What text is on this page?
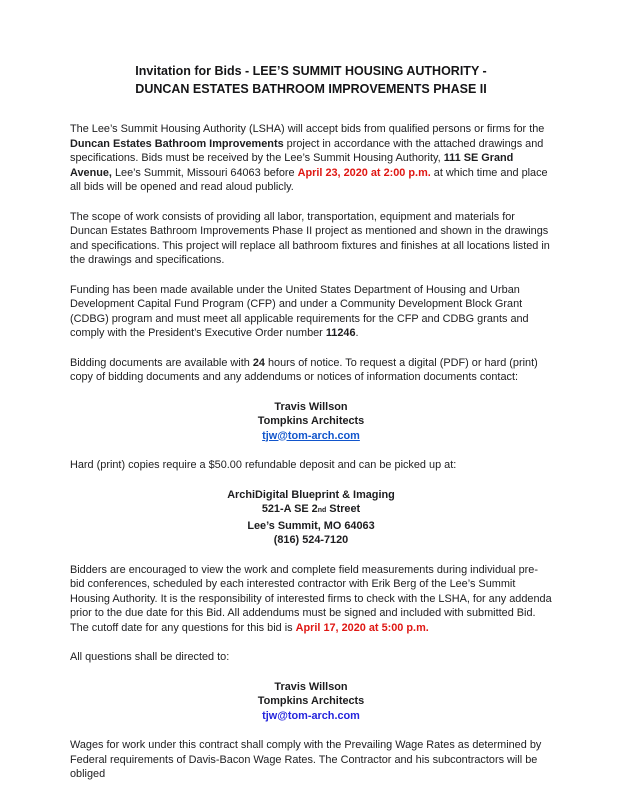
Invitation for Bids - LEE’S SUMMIT HOUSING AUTHORITY -
DUNCAN ESTATES BATHROOM IMPROVEMENTS PHASE II

The Lee’s Summit Housing Authority (LSHA) will accept bids from qualified persons or firms for the Duncan Estates Bathroom Improvements project in accordance with the attached drawings and specifications. Bids must be received by the Lee’s Summit Housing Authority, 111 SE Grand Avenue, Lee’s Summit, Missouri 64063 before April 23, 2020 at 2:00 p.m. at which time and place all bids will be opened and read aloud publicly.

The scope of work consists of providing all labor, transportation, equipment and materials for Duncan Estates Bathroom Improvements Phase II project as mentioned and shown in the drawings and specifications. This project will replace all bathroom fixtures and finishes at all locations listed in the drawings and specifications.

Funding has been made available under the United States Department of Housing and Urban Development Capital Fund Program (CFP) and under a Community Development Block Grant (CDBG) program and must meet all applicable requirements for the CFP and CDBG grants and comply with the President’s Executive Order number 11246.

Bidding documents are available with 24 hours of notice. To request a digital (PDF) or hard (print) copy of bidding documents and any addendums or notices of information documents contact:

Travis Willson
Tompkins Architects
tjw@tom-arch.com

Hard (print) copies require a $50.00 refundable deposit and can be picked up at:

ArchiDigital Blueprint & Imaging
521-A SE 2nd Street
Lee’s Summit, MO 64063
(816) 524-7120

Bidders are encouraged to view the work and complete field measurements during individual pre-bid conferences, scheduled by each interested contractor with Erik Berg of the Lee’s Summit Housing Authority. It is the responsibility of interested firms to check with the LSHA, for any addenda prior to the due date for this Bid. All addendums must be signed and included with submitted Bid.
The cutoff date for any questions for this bid is April 17, 2020 at 5:00 p.m.

All questions shall be directed to:

Travis Willson
Tompkins Architects
tjw@tom-arch.com

Wages for work under this contract shall comply with the Prevailing Wage Rates as determined by Federal requirements of Davis-Bacon Wage Rates. The Contractor and his subcontractors will be obliged
